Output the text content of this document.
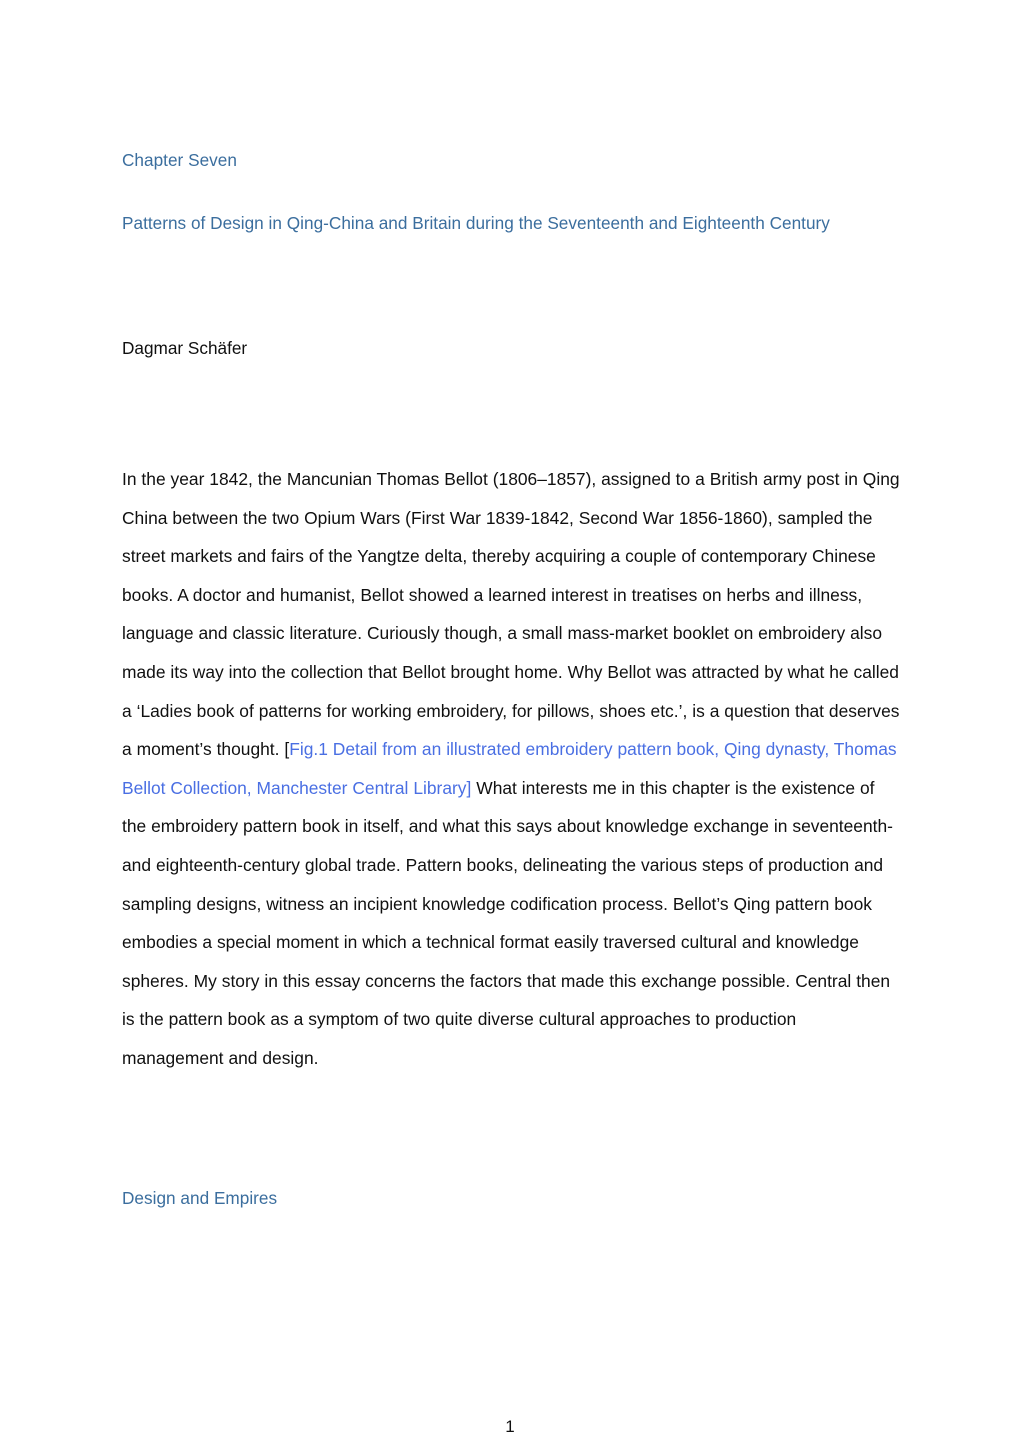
Chapter Seven
Patterns of Design in Qing-China and Britain during the Seventeenth and Eighteenth Century

Dagmar Schäfer

In the year 1842, the Mancunian Thomas Bellot (1806–1857), assigned to a British army post in Qing China between the two Opium Wars (First War 1839-1842, Second War 1856-1860), sampled the street markets and fairs of the Yangtze delta, thereby acquiring a couple of contemporary Chinese books. A doctor and humanist, Bellot showed a learned interest in treatises on herbs and illness, language and classic literature. Curiously though, a small mass-market booklet on embroidery also made its way into the collection that Bellot brought home. Why Bellot was attracted by what he called a ‘Ladies book of patterns for working embroidery, for pillows, shoes etc.’, is a question that deserves a moment’s thought. [Fig.1 Detail from an illustrated embroidery pattern book, Qing dynasty, Thomas Bellot Collection, Manchester Central Library] What interests me in this chapter is the existence of the embroidery pattern book in itself, and what this says about knowledge exchange in seventeenth- and eighteenth-century global trade. Pattern books, delineating the various steps of production and sampling designs, witness an incipient knowledge codification process. Bellot’s Qing pattern book embodies a special moment in which a technical format easily traversed cultural and knowledge spheres. My story in this essay concerns the factors that made this exchange possible. Central then is the pattern book as a symptom of two quite diverse cultural approaches to production management and design.

Design and Empires
1
